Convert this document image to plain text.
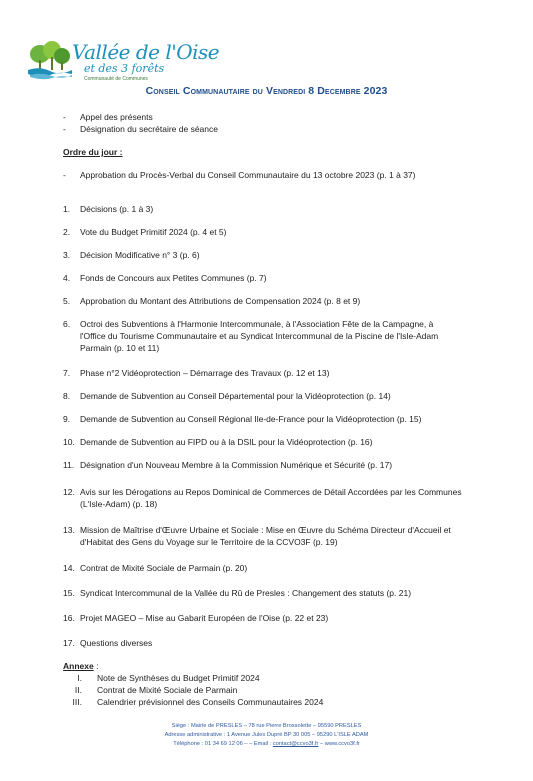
Vallée de l'Oise
et des 3 forêts
Communauté de Communes
Conseil Communautaire du Vendredi 8 Decembre 2023
- Appel des présents
- Désignation du secrétaire de séance
Ordre du jour :
- Approbation du Procès-Verbal du Conseil Communautaire du 13 octobre 2023 (p. 1 à 37)
1. Décisions (p. 1 à 3)
2. Vote du Budget Primitif 2024 (p. 4 et 5)
3. Décision Modificative n° 3 (p. 6)
4. Fonds de Concours aux Petites Communes (p. 7)
5. Approbation du Montant des Attributions de Compensation 2024 (p. 8 et 9)
6. Octroi des Subventions à l'Harmonie Intercommunale, à l'Association Fête de la Campagne, à
l'Office du Tourisme Communautaire et au Syndicat Intercommunal de la Piscine de l'Isle-Adam
Parmain (p. 10 et 11)
7. Phase n°2 Vidéoprotection – Démarrage des Travaux (p. 12 et 13)
8. Demande de Subvention au Conseil Départemental pour la Vidéoprotection (p. 14)
9. Demande de Subvention au Conseil Régional Ile-de-France pour la Vidéoprotection (p. 15)
10. Demande de Subvention au FIPD ou à la DSIL pour la Vidéoprotection (p. 16)
11. Désignation d'un Nouveau Membre à la Commission Numérique et Sécurité (p. 17)
12. Avis sur les Dérogations au Repos Dominical de Commerces de Détail Accordées par les Communes
(L'Isle-Adam) (p. 18)
13. Mission de Maîtrise d'Œuvre Urbaine et Sociale : Mise en Œuvre du Schéma Directeur d'Accueil et
d'Habitat des Gens du Voyage sur le Territoire de la CCVO3F (p. 19)
14. Contrat de Mixité Sociale de Parmain (p. 20)
15. Syndicat Intercommunal de la Vallée du Rû de Presles : Changement des statuts (p. 21)
16. Projet MAGEO – Mise au Gabarit Européen de l'Oise (p. 22 et 23)
17. Questions diverses
Annexe :
I. Note de Synthèses du Budget Primitif 2024
II. Contrat de Mixité Sociale de Parmain
III. Calendrier prévisionnel des Conseils Communautaires 2024
Siège : Mairie de PRESLES – 78 rue Pierre Brossolette – 95590 PRESLES
Adresse administrative : 1 Avenue Jules Dupré BP 30 005 – 95290 L'ISLE ADAM
Téléphone : 01 34 69 12 06 – – Email : contact@ccvo3f.fr – www.ccvo3f.fr
